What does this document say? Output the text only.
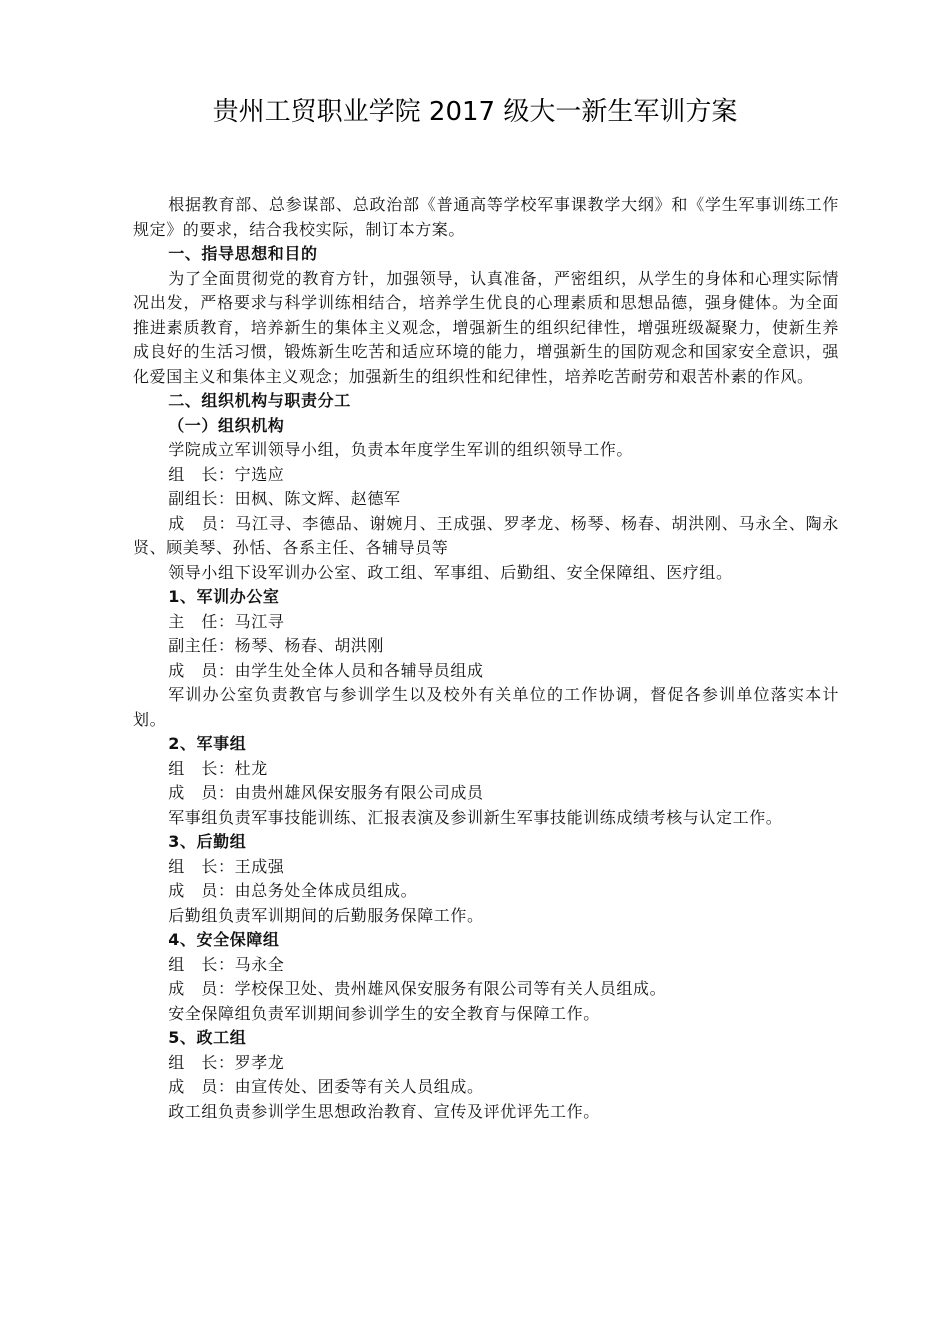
贵州工贸职业学院 2017 级大一新生军训方案

根据教育部、总参谋部、总政治部《普通高等学校军事课教学大纲》和《学生军事训练工作规定》的要求，结合我校实际，制订本方案。

一、指导思想和目的

为了全面贯彻党的教育方针，加强领导，认真准备，严密组织，从学生的身体和心理实际情况出发，严格要求与科学训练相结合，培养学生优良的心理素质和思想品德，强身健体。为全面推进素质教育，培养新生的集体主义观念，增强新生的组织纪律性，增强班级凝聚力，使新生养成良好的生活习惯，锻炼新生吃苦和适应环境的能力，增强新生的国防观念和国家安全意识，强化爱国主义和集体主义观念；加强新生的组织性和纪律性，培养吃苦耐劳和艰苦朴素的作风。

二、组织机构与职责分工

（一）组织机构

学院成立军训领导小组，负责本年度学生军训的组织领导工作。

组　长：宁选应

副组长：田枫、陈文辉、赵德军

成　员：马江寻、李德品、谢婉月、王成强、罗孝龙、杨琴、杨春、胡洪刚、马永全、陶永贤、顾美琴、孙恬、各系主任、各辅导员等

领导小组下设军训办公室、政工组、军事组、后勤组、安全保障组、医疗组。

1、军训办公室

主　任：马江寻

副主任：杨琴、杨春、胡洪刚

成　员：由学生处全体人员和各辅导员组成

军训办公室负责教官与参训学生以及校外有关单位的工作协调，督促各参训单位落实本计划。

2、军事组

组　长：杜龙

成　员：由贵州雄风保安服务有限公司成员

军事组负责军事技能训练、汇报表演及参训新生军事技能训练成绩考核与认定工作。

3、后勤组

组　长：王成强

成　员：由总务处全体成员组成。

后勤组负责军训期间的后勤服务保障工作。

4、安全保障组

组　长：马永全

成　员：学校保卫处、贵州雄风保安服务有限公司等有关人员组成。

安全保障组负责军训期间参训学生的安全教育与保障工作。

5、政工组

组　长：罗孝龙

成　员：由宣传处、团委等有关人员组成。

政工组负责参训学生思想政治教育、宣传及评优评先工作。
